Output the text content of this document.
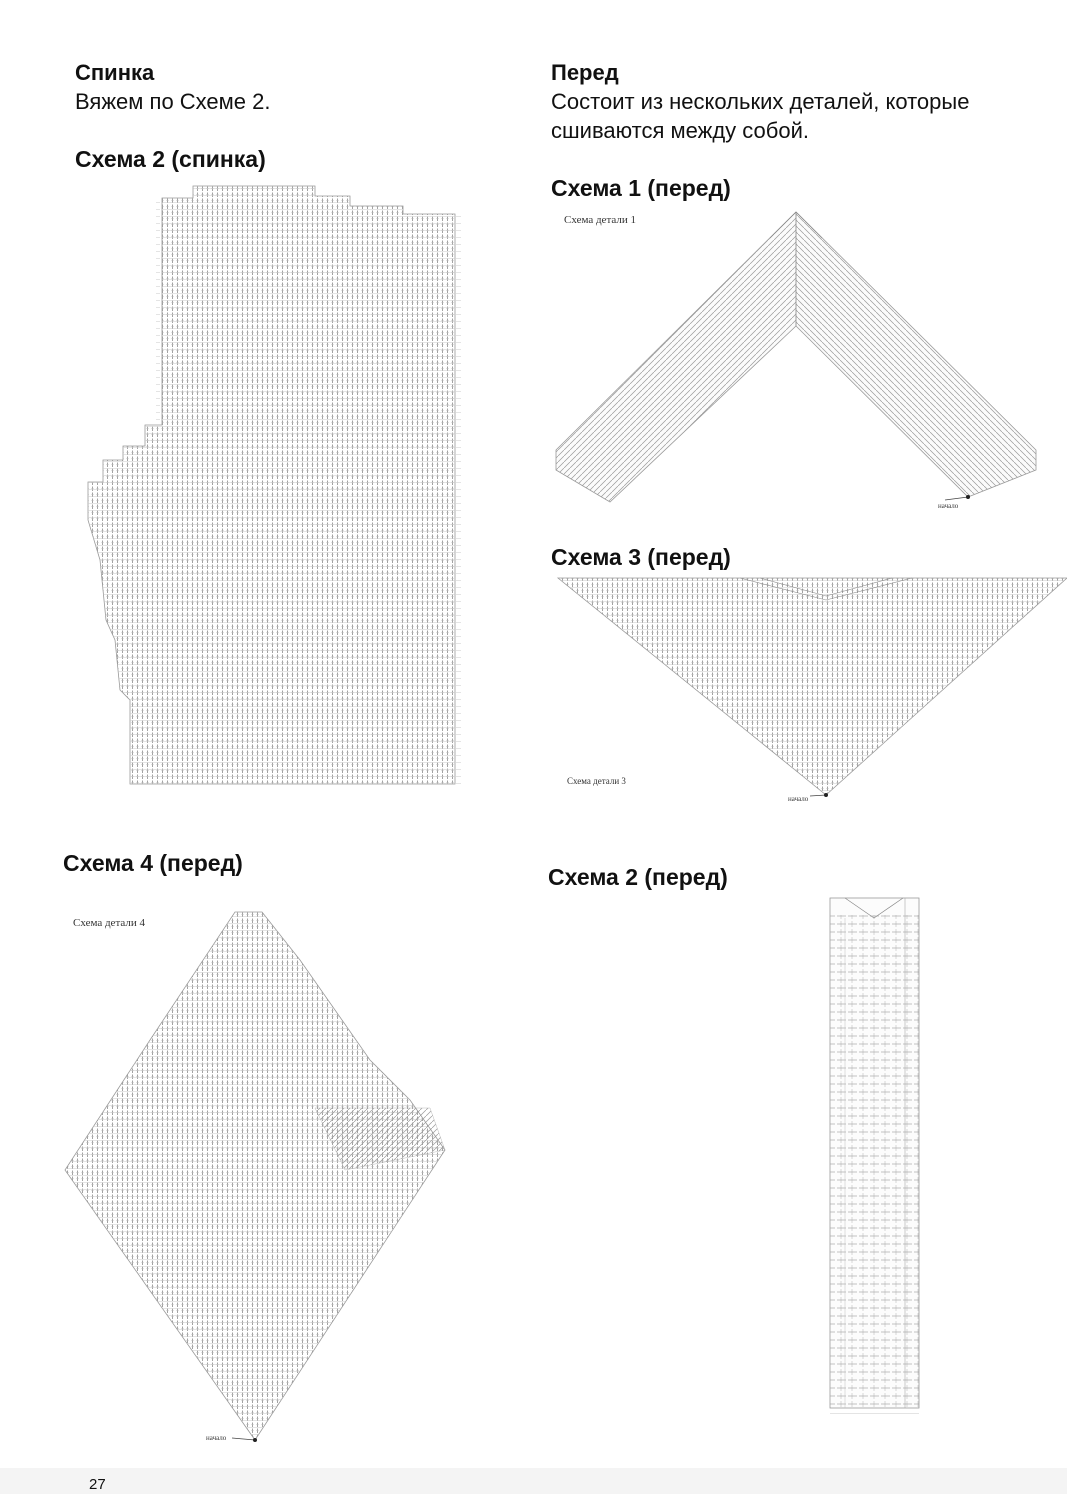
Спинка
Вяжем по Схеме 2.
Схема 2 (спинка)
Перед
Состоит из нескольких деталей, которые
сшиваются между собой.
Схема 1 (перед)
Схема 3 (перед)
Схема 4 (перед)
Схема 2 (перед)
Схема детали 1
Схема детали 3
Схема детали 4
начало
начало
начало
27
